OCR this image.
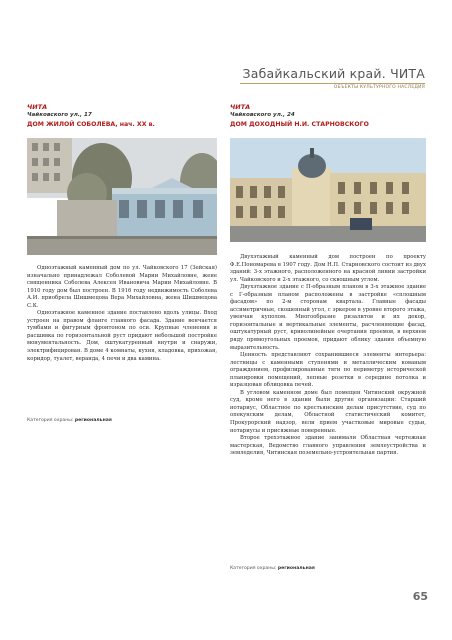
Забайкальский край. ЧИТА
ОБЪЕКТЫ КУЛЬТУРНОГО НАСЛЕДИЯ
ЧИТА
Чайковского ул., 17
ДОМ ЖИЛОЙ СОБОЛЕВА, нач. XX в.
ЧИТА
Чайковского ул., 24
ДОМ ДОХОДНЫЙ Н.И. СТАРНОВСКОГО

Одноэтажный каменный дом по ул. Чайковского 17 (Зейская) изначально принадлежал Соболевой Марии Михайловне, жене священника Соболева Алексея Ивановича Марии Михайловне. В 1910 году дом был построен. В 1916 году недвижимость Соболева А.И. приобрела Шишмецова Вера Михайловна, жена Шишмецова С.К.

Одноэтажное каменное здание поставлено вдоль улицы. Вход устроен на правом фланге главного фасада. Здание венчается тумбами и фигурным фронтоном по оси. Крупные членения и расшивка по горизонтальной руст придают небольшой постройке монументальность. Дом, оштукатуренный внутри и снаружи, электрифицирован. В доме 4 комнаты, кухня, кладовка, прихожая, коридор, туалет, веранда, 4 печи и два камина.

Двухэтажный каменный дом построен по проекту Ф.Е.Пономарева в 1907 году. Дом Н.П. Старновского состоит из двух зданий: 3-х этажного, расположенного на красной линии застройки ул. Чайковского и 2-х этажного, со сквошным углом.

Двухэтажное здание с П-образным планом в 3-х этажное здание с Г-образным планом расположены в застройке «сплошным фасадом» по 2-м сторонам квартала. Главные фасады ассиметричные, скошенный угол, с эркером в уровне второго этажа, увенчан куполом. Многообразие ризалитов и их декор, горизонтальные и вертикальные элементы, расчленяющие фасад, оштукатурный руст, криволинейные очертания проемов, в верхнем ряду прямоугольных проемов, придают облику здания объемную выразительность.

Ценность представляют сохранившиеся элементы интерьера: лестницы с каменными ступенями и металлическим кованым ограждением, профилированные тяги по периметру исторической планировки помещений, лепные розетки в середине потолка и изразцовая облицовка печей.

В угловом каменном доме был помещен Читинский окружной суд, кроме него в здании были другие организации: Старший нотариус, Областное по крестьянским делам присутствие, суд по опекунским делам, Областной статистический комитет, Прокурорский надзор, вели прием участковые мировые судьи, нотариусы и присяжные поверенные.

Второе трехэтажное здание занимали Областная чертежная мастерская, Ведомство главного управления землеустройства и земледелия, Читинская поземельно-устроительная партия.

Категория охраны: региональная
Категория охраны: региональная
65
